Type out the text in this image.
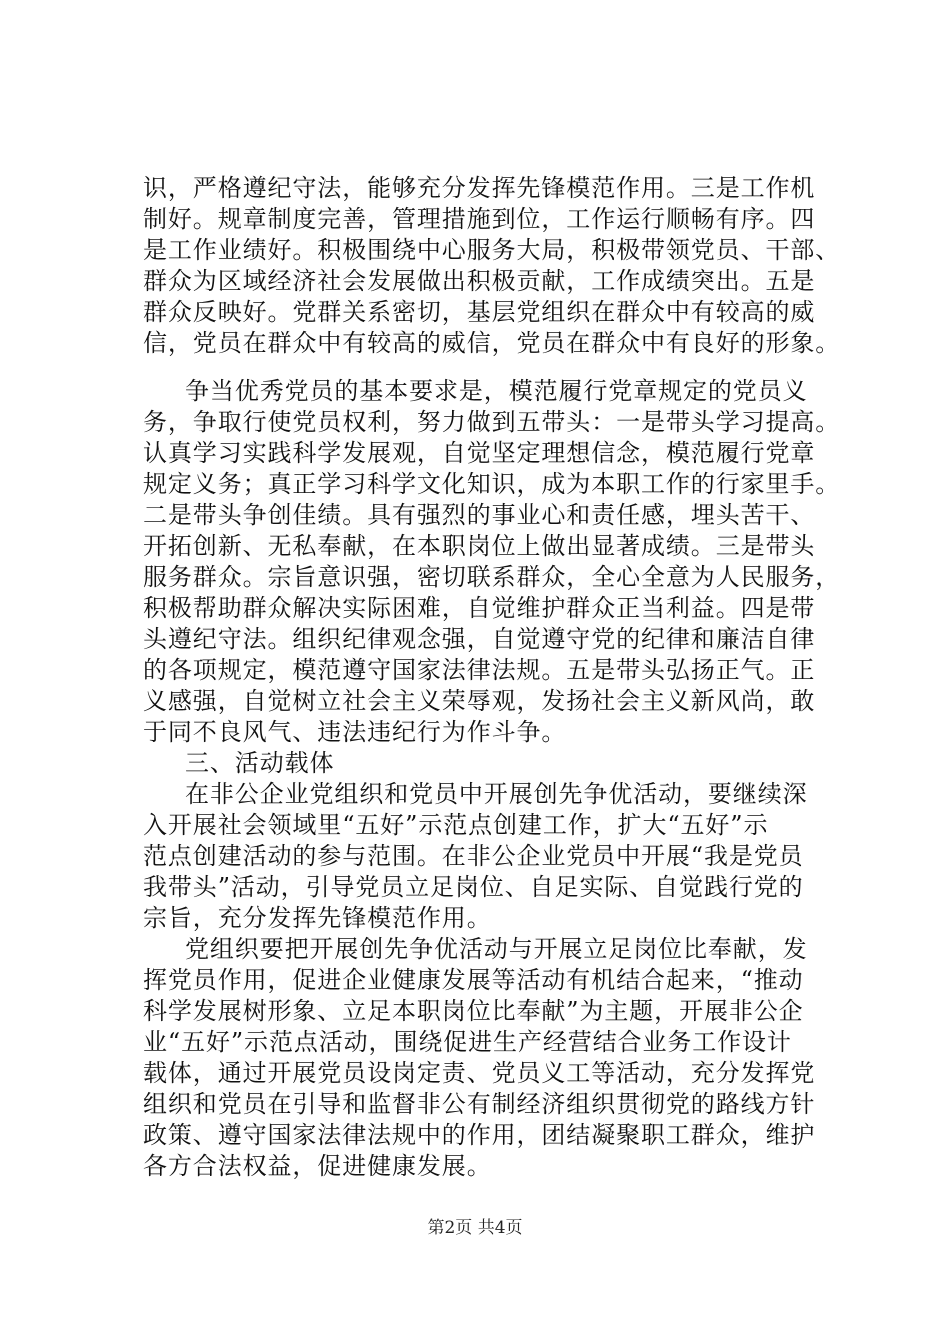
识，严格遵纪守法，能够充分发挥先锋模范作用。三是工作机
制好。规章制度完善，管理措施到位，工作运行顺畅有序。四
是工作业绩好。积极围绕中心服务大局，积极带领党员、干部、
群众为区域经济社会发展做出积极贡献，工作成绩突出。五是
群众反映好。党群关系密切，基层党组织在群众中有较高的威
信，党员在群众中有较高的威信，党员在群众中有良好的形象。
争当优秀党员的基本要求是，模范履行党章规定的党员义
务，争取行使党员权利，努力做到五带头：一是带头学习提高。
认真学习实践科学发展观，自觉坚定理想信念，模范履行党章
规定义务；真正学习科学文化知识，成为本职工作的行家里手。
二是带头争创佳绩。具有强烈的事业心和责任感，埋头苦干、
开拓创新、无私奉献，在本职岗位上做出显著成绩。三是带头
服务群众。宗旨意识强，密切联系群众，全心全意为人民服务，
积极帮助群众解决实际困难，自觉维护群众正当利益。四是带
头遵纪守法。组织纪律观念强，自觉遵守党的纪律和廉洁自律
的各项规定，模范遵守国家法律法规。五是带头弘扬正气。正
义感强，自觉树立社会主义荣辱观，发扬社会主义新风尚，敢
于同不良风气、违法违纪行为作斗争。
三、活动载体
在非公企业党组织和党员中开展创先争优活动，要继续深
入开展社会领域里“五好”示范点创建工作，扩大“五好”示
范点创建活动的参与范围。在非公企业党员中开展“我是党员
我带头”活动，引导党员立足岗位、自足实际、自觉践行党的
宗旨，充分发挥先锋模范作用。
党组织要把开展创先争优活动与开展立足岗位比奉献，发
挥党员作用，促进企业健康发展等活动有机结合起来，“推动
科学发展树形象、立足本职岗位比奉献”为主题，开展非公企
业“五好”示范点活动，围绕促进生产经营结合业务工作设计
载体，通过开展党员设岗定责、党员义工等活动，充分发挥党
组织和党员在引导和监督非公有制经济组织贯彻党的路线方针
政策、遵守国家法律法规中的作用，团结凝聚职工群众，维护
各方合法权益，促进健康发展。
第2页 共4页
